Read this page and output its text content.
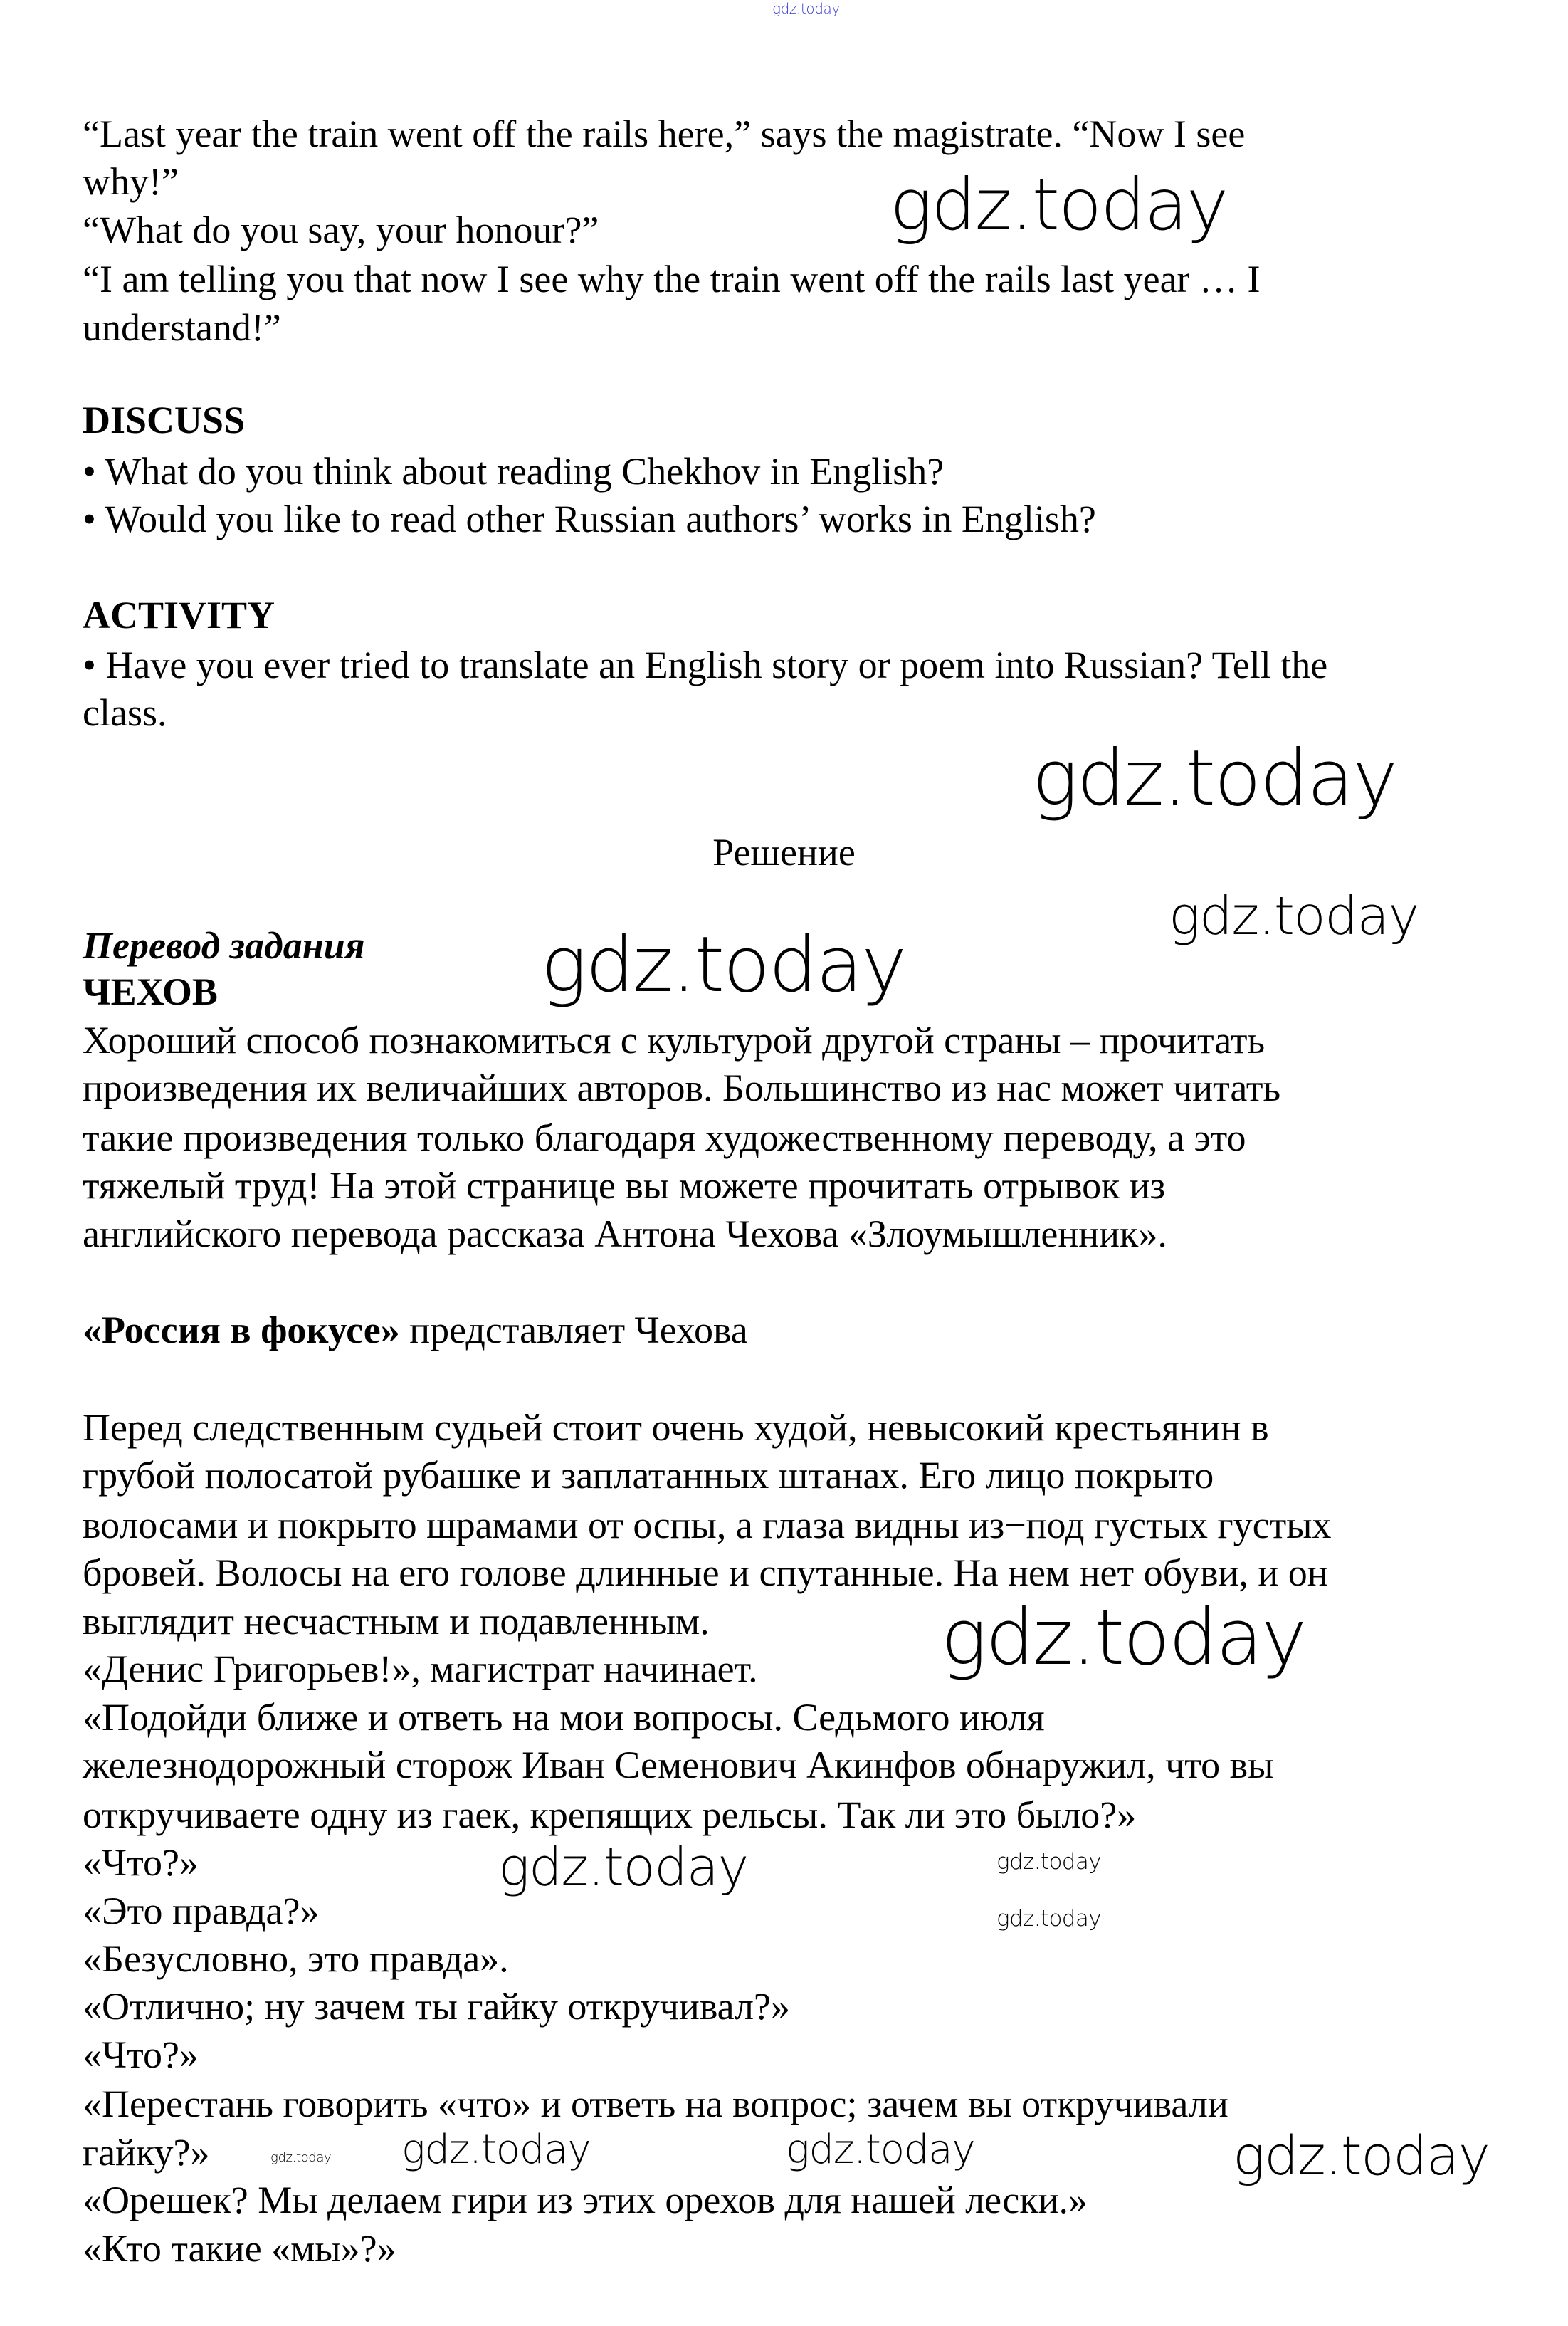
“Last year the train went off the rails here,” says the magistrate. “Now I see
why!”
“What do you say, your honour?”
“I am telling you that now I see why the train went off the rails last year … I
understand!”
DISCUSS
• What do you think about reading Chekhov in English?
• Would you like to read other Russian authors’ works in English?
ACTIVITY
• Have you ever tried to translate an English story or poem into Russian? Tell the
class.
Решение
Перевод задания
ЧЕХОВ
Хороший способ познакомиться с культурой другой страны – прочитать
произведения их величайших авторов. Большинство из нас может читать
такие произведения только благодаря художественному переводу, а это
тяжелый труд! На этой странице вы можете прочитать отрывок из
английского перевода рассказа Антона Чехова «Злоумышленник».
«Россия в фокусе» представляет Чехова
Перед следственным судьей стоит очень худой, невысокий крестьянин в
грубой полосатой рубашке и заплатанных штанах. Его лицо покрыто
волосами и покрыто шрамами от оспы, а глаза видны из−под густых густых
бровей. Волосы на его голове длинные и спутанные. На нем нет обуви, и он
выглядит несчастным и подавленным.
«Денис Григорьев!», магистрат начинает.
«Подойди ближе и ответь на мои вопросы. Седьмого июля
железнодорожный сторож Иван Семенович Акинфов обнаружил, что вы
откручиваете одну из гаек, крепящих рельсы. Так ли это было?»
«Что?»
«Это правда?»
«Безусловно, это правда».
«Отлично; ну зачем ты гайку откручивал?»
«Что?»
«Перестань говорить «что» и ответь на вопрос; зачем вы откручивали
гайку?»
«Орешек? Мы делаем гири из этих орехов для нашей лески.»
«Кто такие «мы»?»
gdz.today
gdz.today
gdz.today
gdz.today
gdz.today
gdz.today
gdz.today
gdz.today
gdz.today
gdz.today gdz.today	gdz.today	gdz.today
